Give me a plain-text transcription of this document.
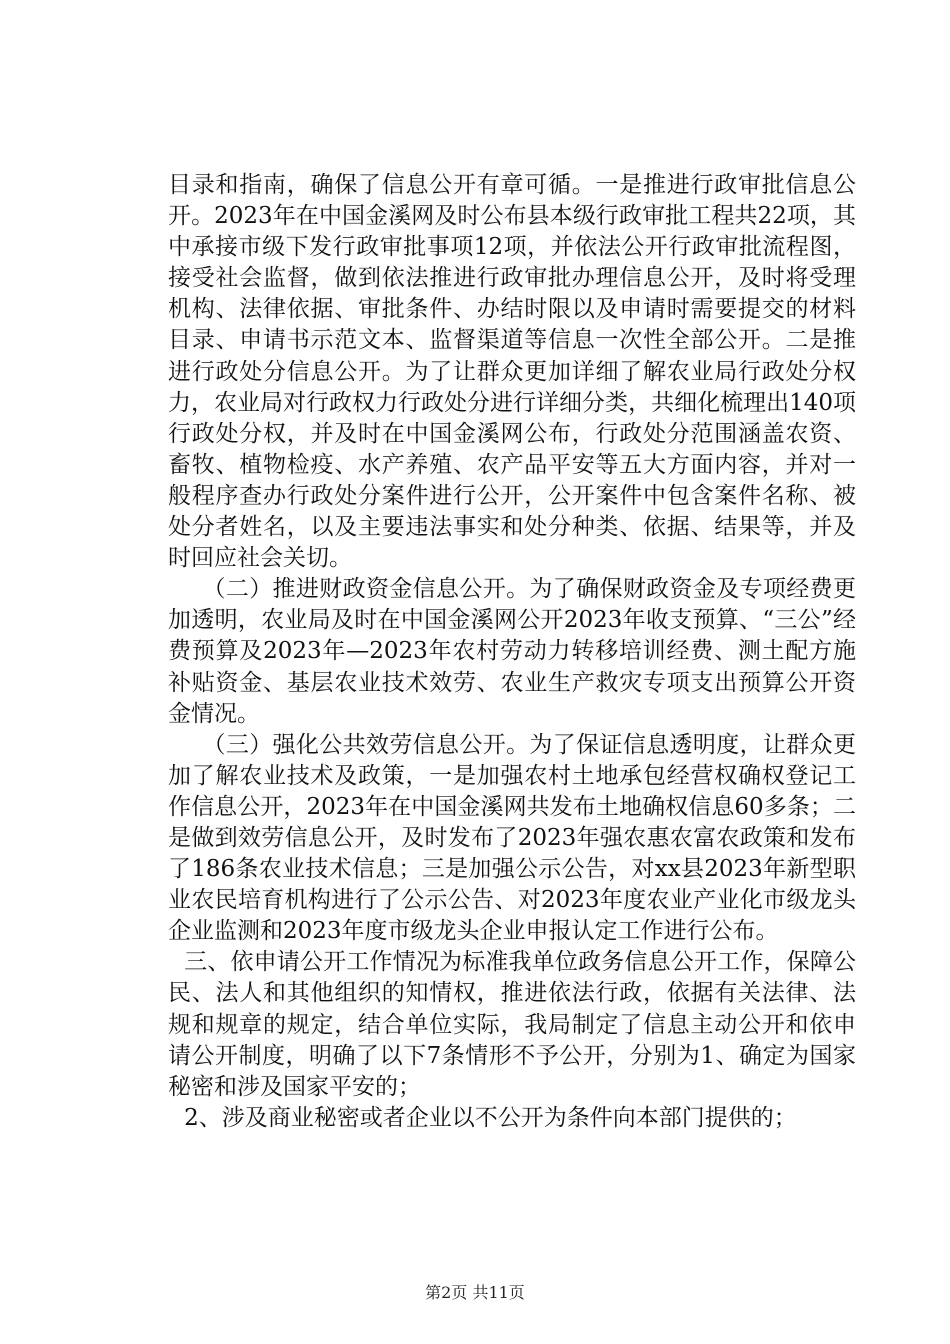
目录和指南，确保了信息公开有章可循。一是推进行政审批信息公开。2023年在中国金溪网及时公布县本级行政审批工程共22项，其中承接市级下发行政审批事项12项，并依法公开行政审批流程图，接受社会监督，做到依法推进行政审批办理信息公开，及时将受理机构、法律依据、审批条件、办结时限以及申请时需要提交的材料目录、申请书示范文本、监督渠道等信息一次性全部公开。二是推进行政处分信息公开。为了让群众更加详细了解农业局行政处分权力，农业局对行政权力行政处分进行详细分类，共细化梳理出140项行政处分权，并及时在中国金溪网公布，行政处分范围涵盖农资、畜牧、植物检疫、水产养殖、农产品平安等五大方面内容，并对一般程序查办行政处分案件进行公开，公开案件中包含案件名称、被处分者姓名，以及主要违法事实和处分种类、依据、结果等，并及时回应社会关切。

（二）推进财政资金信息公开。为了确保财政资金及专项经费更加透明，农业局及时在中国金溪网公开2023年收支预算、“三公”经费预算及2023年—2023年农村劳动力转移培训经费、测土配方施补贴资金、基层农业技术效劳、农业生产救灾专项支出预算公开资金情况。

（三）强化公共效劳信息公开。为了保证信息透明度，让群众更加了解农业技术及政策，一是加强农村土地承包经营权确权登记工作信息公开，2023年在中国金溪网共发布土地确权信息60多条；二是做到效劳信息公开，及时发布了2023年强农惠农富农政策和发布了186条农业技术信息；三是加强公示公告，对xx县2023年新型职业农民培育机构进行了公示公告、对2023年度农业产业化市级龙头企业监测和2023年度市级龙头企业申报认定工作进行公布。

三、依申请公开工作情况为标准我单位政务信息公开工作，保障公民、法人和其他组织的知情权，推进依法行政，依据有关法律、法规和规章的规定，结合单位实际，我局制定了信息主动公开和依申请公开制度，明确了以下7条情形不予公开，分别为1、确定为国家秘密和涉及国家平安的；

2、涉及商业秘密或者企业以不公开为条件向本部门提供的；

第2页 共11页
